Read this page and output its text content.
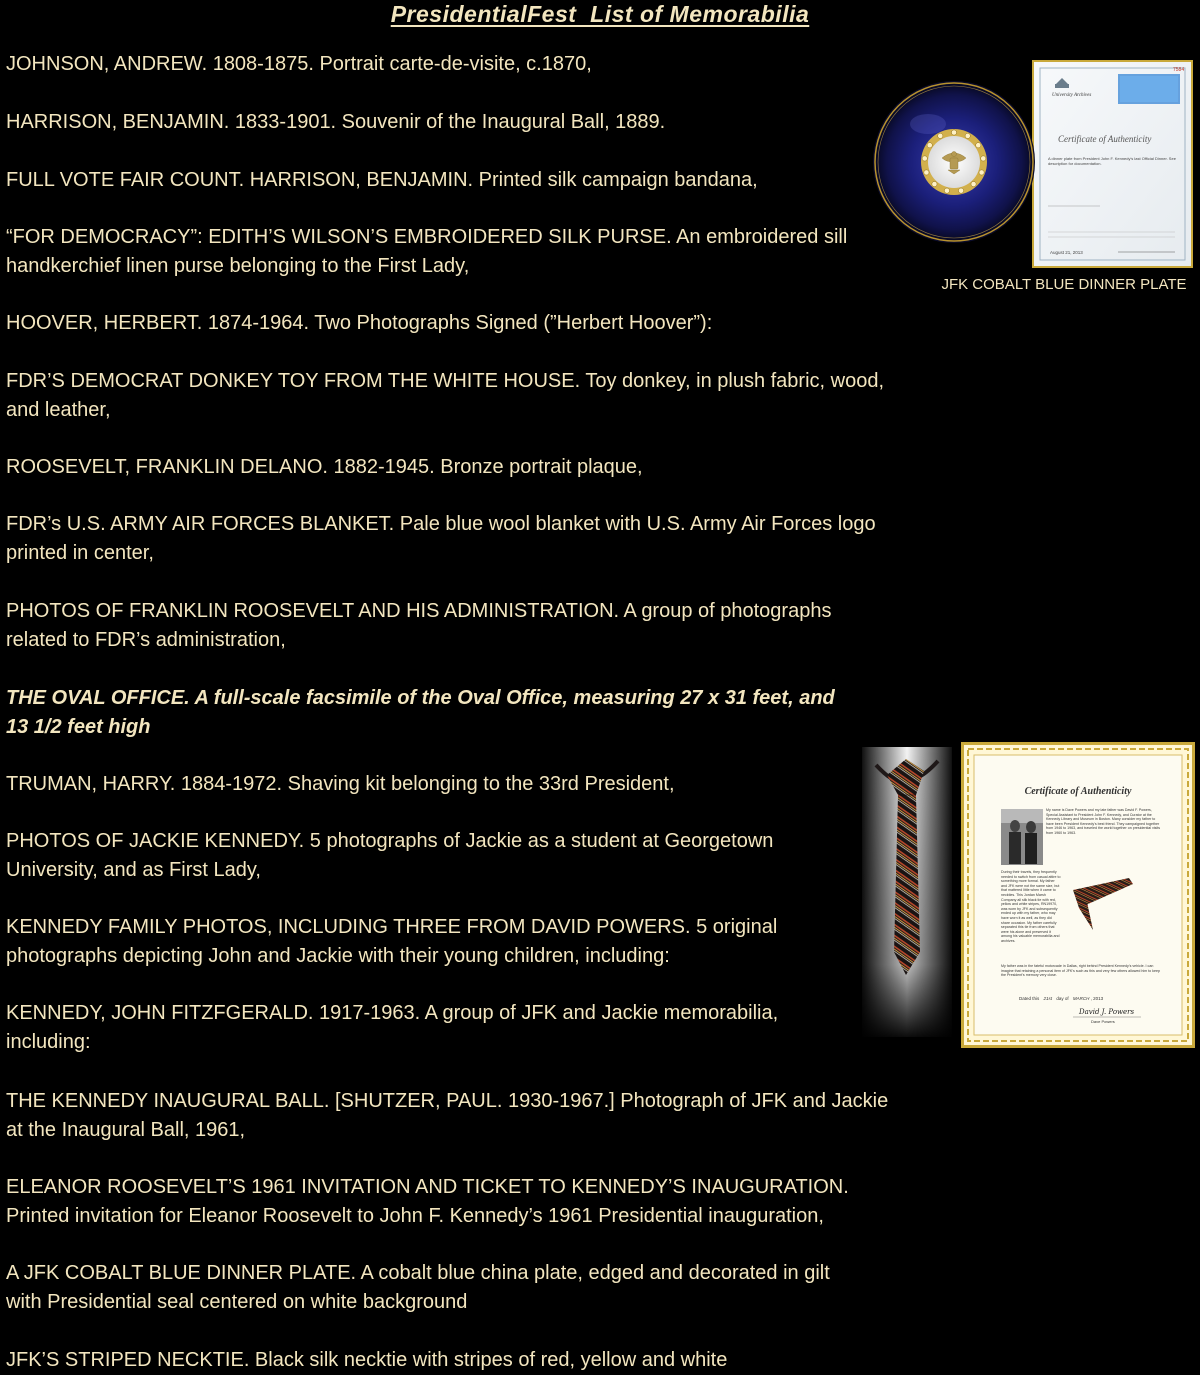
PresidentialFest  List of Memorabilia
JOHNSON, ANDREW. 1808-1875. Portrait carte-de-visite, c.1870,
HARRISON, BENJAMIN. 1833-1901. Souvenir of the Inaugural Ball, 1889.
FULL VOTE FAIR COUNT. HARRISON, BENJAMIN. Printed silk campaign bandana,
“FOR DEMOCRACY”: EDITH’S WILSON’S EMBROIDERED SILK PURSE. An embroidered sill
handkerchief linen purse belonging to the First Lady,
HOOVER, HERBERT. 1874-1964. Two Photographs Signed (”Herbert Hoover”):
FDR’S DEMOCRAT DONKEY TOY FROM THE WHITE HOUSE. Toy donkey, in plush fabric, wood,
and leather,
ROOSEVELT, FRANKLIN DELANO. 1882-1945. Bronze portrait plaque,
FDR’s U.S. ARMY AIR FORCES BLANKET. Pale blue wool blanket with U.S. Army Air Forces logo
printed in center,
PHOTOS OF FRANKLIN ROOSEVELT AND HIS ADMINISTRATION. A group of photographs
related to FDR’s administration,
THE OVAL OFFICE. A full-scale facsimile of the Oval Office, measuring 27 x 31 feet, and
13 1/2 feet high
TRUMAN, HARRY. 1884-1972. Shaving kit belonging to the 33rd President,
PHOTOS OF JACKIE KENNEDY. 5 photographs of Jackie as a student at Georgetown
University, and as First Lady,
KENNEDY FAMILY PHOTOS, INCLUDING THREE FROM DAVID POWERS. 5 original
photographs depicting John and Jackie with their young children, including:
KENNEDY, JOHN FITZFGERALD. 1917-1963. A group of JFK and Jackie memorabilia,
including:
THE KENNEDY INAUGURAL BALL. [SHUTZER, PAUL. 1930-1967.] Photograph of JFK and Jackie
at the Inaugural Ball, 1961,
ELEANOR ROOSEVELT’S 1961 INVITATION AND TICKET TO KENNEDY’S INAUGURATION.
Printed invitation for Eleanor Roosevelt to John F. Kennedy’s 1961 Presidential inauguration,
A JFK COBALT BLUE DINNER PLATE. A cobalt blue china plate, edged and decorated in gilt
with Presidential seal centered on white background
JFK’S STRIPED NECKTIE. Black silk necktie with stripes of red, yellow and white
7584
University Archives
Certificate of Authenticity
A dinner plate from President John F. Kennedy’s last Official Dinner. See description for documentation.
August 21, 2013
JFK COBALT BLUE DINNER PLATE
Certificate of Authenticity
My name is Dave Powers and my late father was David F. Powers, Special Assistant to President John F. Kennedy, and Curator at the Kennedy Library and Museum in Boston. Many consider my father to have been President Kennedy’s best friend. They campaigned together from 1946 to 1963, and traveled the world together on presidential visits from 1960 to 1963.
During their travels, they frequently needed to switch from casual attire to something more formal. My father and JFK were not the same size, but that mattered little when it came to neckties. This Jordan Marsh Company all silk black tie with red, yellow and white stripes, RN19970, was worn by JFK and subsequently ended up with my father, who may have worn it as well, as they did share occasion. My father carefully separated this tie from others that were his alone and preserved it among his valuable memorabilia and archives.
My father was in the fateful motorcade in Dallas, right behind President Kennedy’s vehicle. I can imagine that retaining a personal item of JFK’s such as this and very few others allowed him to keep the President’s memory very close.
Dated this 21st day of MARCH , 2013
David J. Powers
Dave Powers
